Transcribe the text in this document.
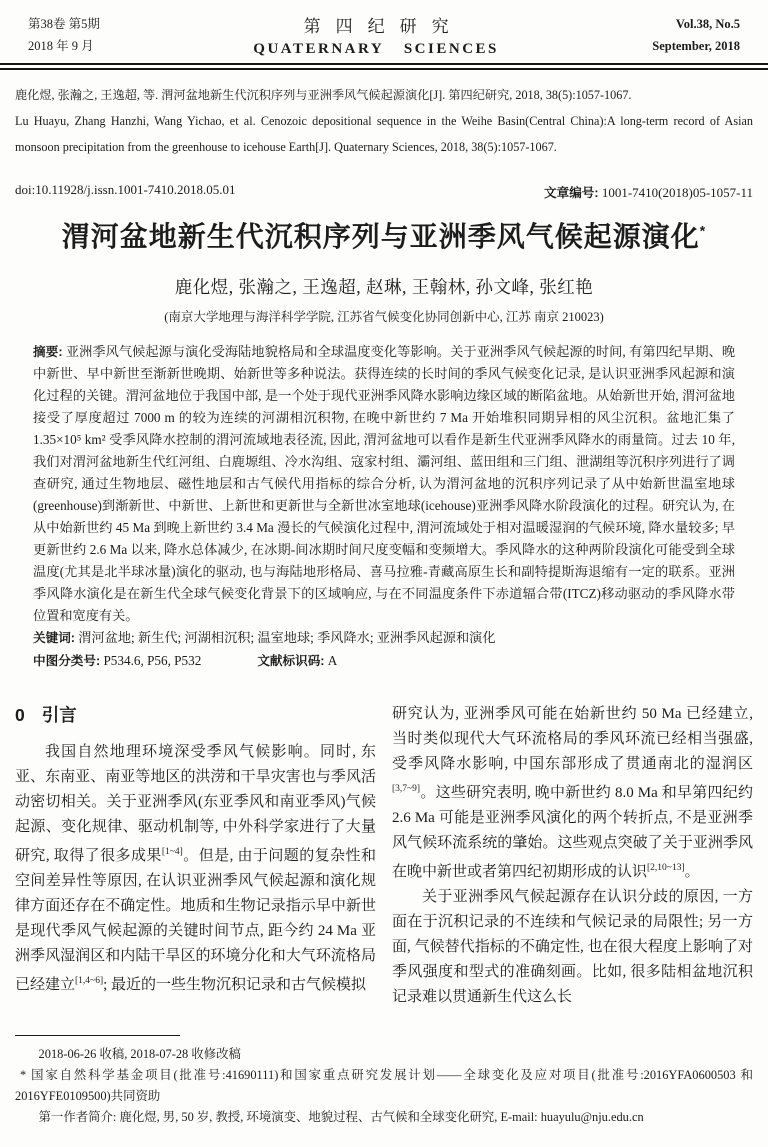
第38卷 第5期
2018 年 9 月
第四纪研究
QUATERNARY SCIENCES
Vol.38, No.5
September, 2018

鹿化煜, 张瀚之, 王逸超, 等. 渭河盆地新生代沉积序列与亚洲季风气候起源演化[J]. 第四纪研究, 2018, 38(5):1057-1067.

Lu Huayu, Zhang Hanzhi, Wang Yichao, et al. Cenozoic depositional sequence in the Weihe Basin(Central China):A long-term record of Asian monsoon precipitation from the greenhouse to icehouse Earth[J]. Quaternary Sciences, 2018, 38(5):1057-1067.

doi:10.11928/j.issn.1001-7410.2018.05.01	文章编号: 1001-7410(2018)05-1057-11
渭河盆地新生代沉积序列与亚洲季风气候起源演化*
鹿化煜, 张瀚之, 王逸超, 赵琳, 王翰林, 孙文峰, 张红艳
(南京大学地理与海洋科学学院, 江苏省气候变化协同创新中心, 江苏 南京 210023)

摘要: 亚洲季风气候起源与演化受海陆地貌格局和全球温度变化等影响。关于亚洲季风气候起源的时间, 有第四纪早期、晚中新世、早中新世至渐新世晚期、始新世等多种说法。获得连续的长时间的季风气候变化记录, 是认识亚洲季风起源和演化过程的关键。渭河盆地位于我国中部, 是一个处于现代亚洲季风降水影响边缘区域的断陷盆地。从始新世开始, 渭河盆地接受了厚度超过 7000 m 的较为连续的河湖相沉积物, 在晚中新世约 7 Ma 开始堆积同期异相的风尘沉积。盆地汇集了 1.35×10⁵ km² 受季风降水控制的渭河流域地表径流, 因此, 渭河盆地可以看作是新生代亚洲季风降水的雨量筒。过去 10 年, 我们对渭河盆地新生代红河组、白鹿塬组、冷水沟组、寇家村组、灞河组、蓝田组和三门组、泄湖组等沉积序列进行了调查研究, 通过生物地层、磁性地层和古气候代用指标的综合分析, 认为渭河盆地的沉积序列记录了从中始新世温室地球(greenhouse)到渐新世、中新世、上新世和更新世与全新世冰室地球(icehouse)亚洲季风降水阶段演化的过程。研究认为, 在从中始新世约 45 Ma 到晚上新世约 3.4 Ma 漫长的气候演化过程中, 渭河流域处于相对温暖湿润的气候环境, 降水量较多; 早更新世约 2.6 Ma 以来, 降水总体减少, 在冰期-间冰期时间尺度变幅和变频增大。季风降水的这种两阶段演化可能受到全球温度(尤其是北半球冰量)演化的驱动, 也与海陆地形格局、喜马拉雅-青藏高原生长和副特提斯海退缩有一定的联系。亚洲季风降水演化是在新生代全球气候变化背景下的区域响应, 与在不同温度条件下赤道辐合带(ITCZ)移动驱动的季风降水带位置和宽度有关。

关键词: 渭河盆地; 新生代; 河湖相沉积; 温室地球; 季风降水; 亚洲季风起源和演化

中图分类号: P534.6, P56, P532	文献标识码: A

0 引言

我国自然地理环境深受季风气候影响。同时, 东亚、东南亚、南亚等地区的洪涝和干旱灾害也与季风活动密切相关。关于亚洲季风(东亚季风和南亚季风)气候起源、变化规律、驱动机制等, 中外科学家进行了大量研究, 取得了很多成果[1~4]。但是, 由于问题的复杂性和空间差异性等原因, 在认识亚洲季风气候起源和演化规律方面还存在不确定性。地质和生物记录指示早中新世是现代季风气候起源的关键时间节点, 距今约 24 Ma 亚洲季风湿润区和内陆干旱区的环境分化和大气环流格局已经建立[1,4~6]; 最近的一些生物沉积记录和古气候模拟

研究认为, 亚洲季风可能在始新世约 50 Ma 已经建立, 当时类似现代大气环流格局的季风环流已经相当强盛, 受季风降水影响, 中国东部形成了贯通南北的湿润区[3,7~9]。这些研究表明, 晚中新世约 8.0 Ma 和早第四纪约 2.6 Ma 可能是亚洲季风演化的两个转折点, 不是亚洲季风气候环流系统的肇始。这些观点突破了关于亚洲季风在晚中新世或者第四纪初期形成的认识[2,10~13]。

关于亚洲季风气候起源存在认识分歧的原因, 一方面在于沉积记录的不连续和气候记录的局限性; 另一方面, 气候替代指标的不确定性, 也在很大程度上影响了对季风强度和型式的准确刻画。比如, 很多陆相盆地沉积记录难以贯通新生代这么长

2018-06-26 收稿, 2018-07-28 收修改稿

* 国家自然科学基金项目(批准号:41690111)和国家重点研究发展计划——全球变化及应对项目(批准号:2016YFA0600503 和2016YFE0109500)共同资助

第一作者简介: 鹿化煜, 男, 50 岁, 教授, 环境演变、地貌过程、古气候和全球变化研究, E-mail: huayulu@nju.edu.cn
